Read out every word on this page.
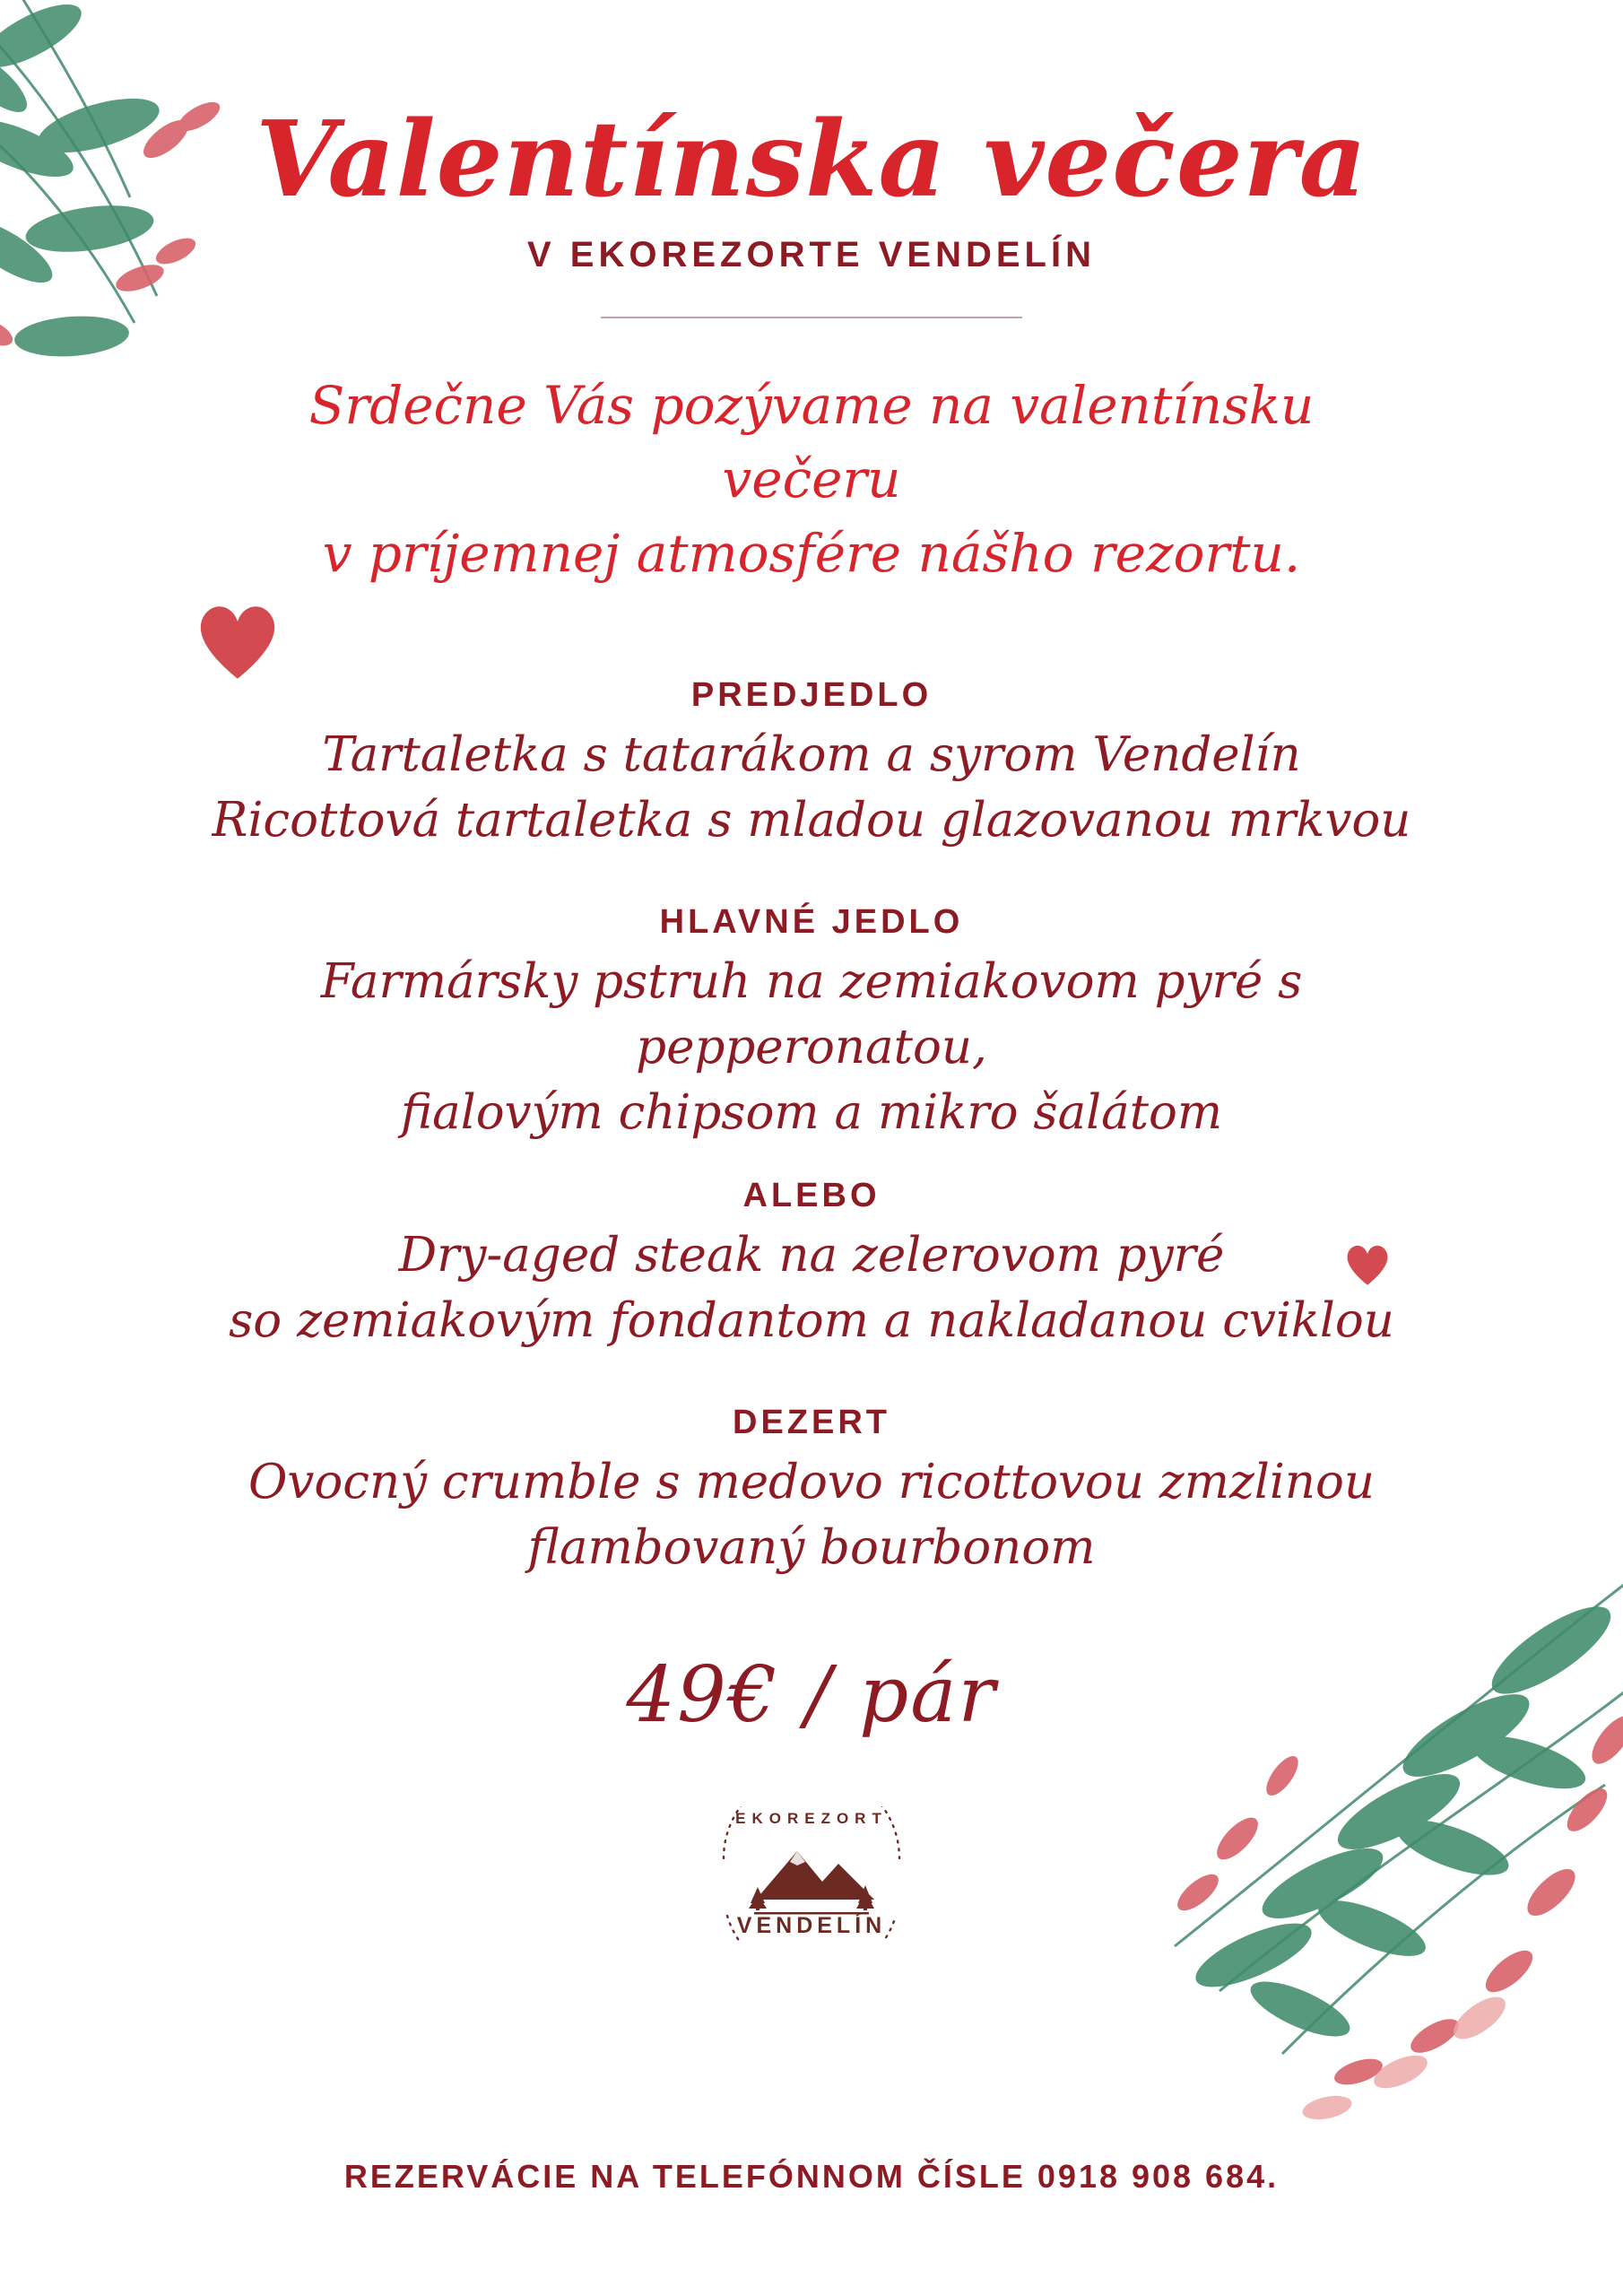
Valentínska večera
V EKOREZORTE VENDELÍN
Srdečne Vás pozývame na valentínsku večeru
v príjemnej atmosfére nášho rezortu.
PREDJEDLO
Tartaletka s tatarákom a syrom Vendelín
Ricottová tartaletka s mladou glazovanou mrkvou
HLAVNÉ JEDLO
Farmársky pstruh na zemiakovom pyré s pepperonatou,
fialovým chipsom a mikro šalátom
ALEBO
Dry-aged steak na zelerovom pyré
so zemiakovým fondantom a nakladanou cviklou
DEZERT
Ovocný crumble s medovo ricottovou zmzlinou
flambovaný bourbonom
49€ / pár
EKOREZORT
VENDELÍN
REZERVÁCIE NA TELEFÓNNOM ČÍSLE 0918 908 684.
